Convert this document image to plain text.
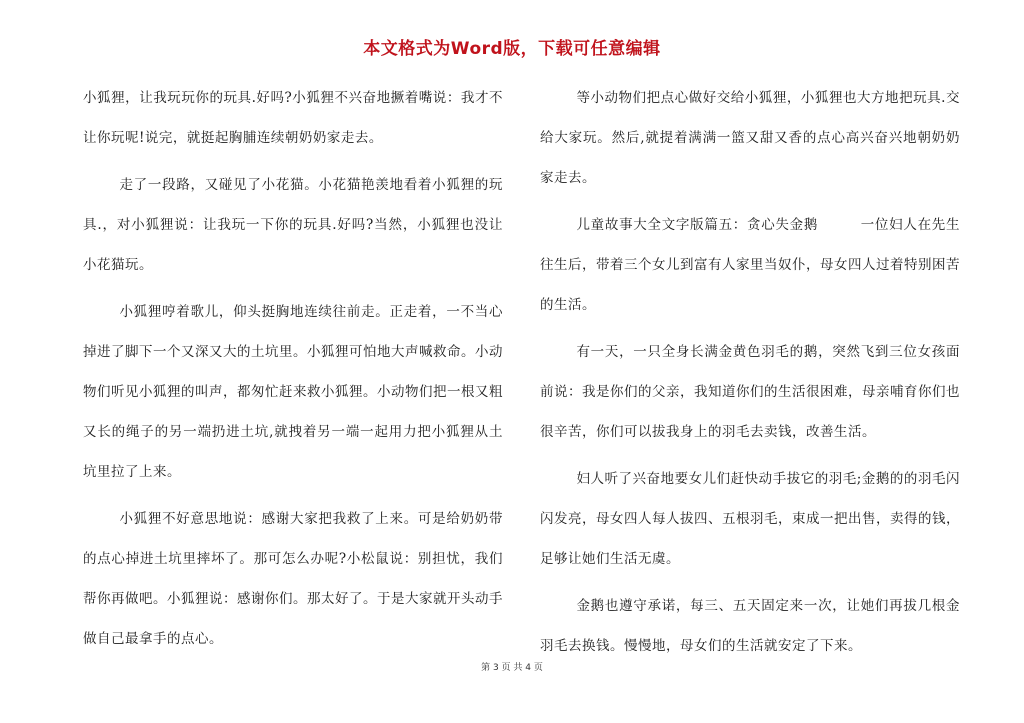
本文格式为Word版，下载可任意编辑

小狐狸，让我玩玩你的玩具.好吗?小狐狸不兴奋地撅着嘴说：我才不让你玩呢!说完，就挺起胸脯连续朝奶奶家走去。

走了一段路，又碰见了小花猫。小花猫艳羡地看着小狐狸的玩具.，对小狐狸说：让我玩一下你的玩具.好吗?当然，小狐狸也没让小花猫玩。

小狐狸哼着歌儿，仰头挺胸地连续往前走。正走着，一不当心掉进了脚下一个又深又大的土坑里。小狐狸可怕地大声喊救命。小动物们听见小狐狸的叫声，都匆忙赶来救小狐狸。小动物们把一根又粗又长的绳子的另一端扔进土坑,就拽着另一端一起用力把小狐狸从土坑里拉了上来。

小狐狸不好意思地说：感谢大家把我救了上来。可是给奶奶带的点心掉进土坑里摔坏了。那可怎么办呢?小松鼠说：别担忧，我们帮你再做吧。小狐狸说：感谢你们。那太好了。于是大家就开头动手做自己最拿手的点心。

等小动物们把点心做好交给小狐狸，小狐狸也大方地把玩具.交给大家玩。然后,就提着满满一篮又甜又香的点心高兴奋兴地朝奶奶家走去。

儿童故事大全文字版篇五：贪心失金鹅　　　一位妇人在先生往生后，带着三个女儿到富有人家里当奴仆，母女四人过着特别困苦的生活。

有一天，一只全身长满金黄色羽毛的鹅，突然飞到三位女孩面前说：我是你们的父亲，我知道你们的生活很困难，母亲哺育你们也很辛苦，你们可以拔我身上的羽毛去卖钱，改善生活。

妇人听了兴奋地要女儿们赶快动手拔它的羽毛;金鹅的的羽毛闪闪发亮，母女四人每人拔四、五根羽毛，束成一把出售，卖得的钱，足够让她们生活无虞。

金鹅也遵守承诺，每三、五天固定来一次，让她们再拔几根金羽毛去换钱。慢慢地，母女们的生活就安定了下来。

第 3 页 共 4 页
